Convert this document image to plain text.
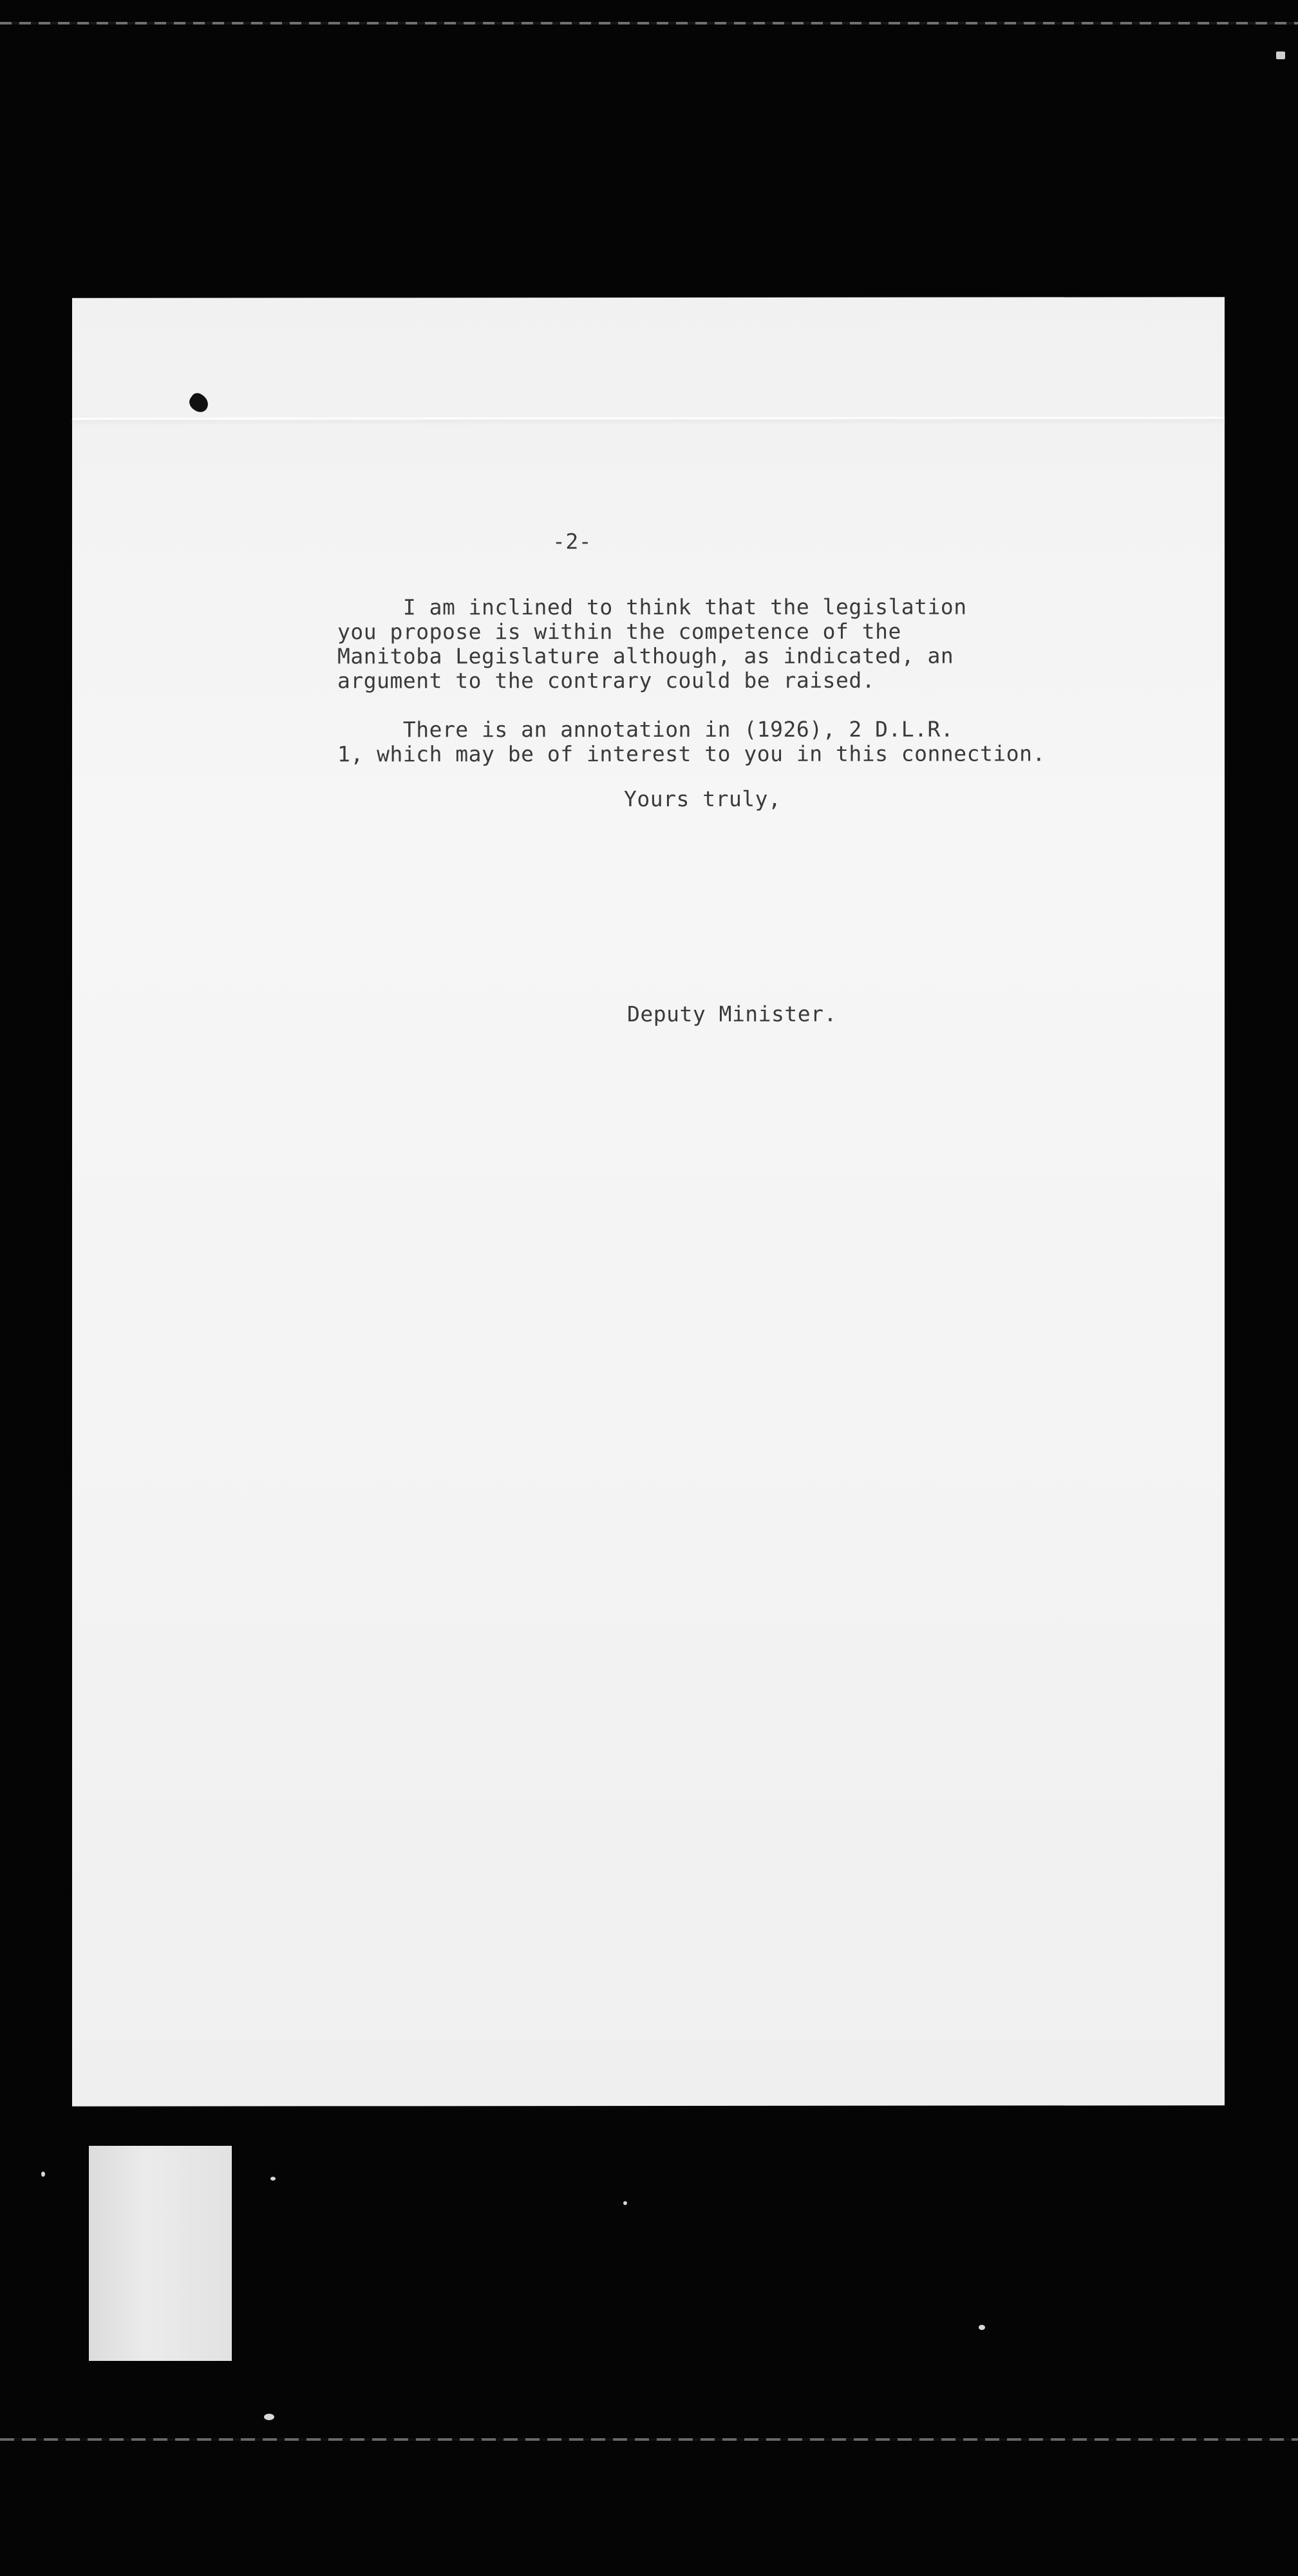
-2-
I am inclined to think that the legislation
you propose is within the competence of the
Manitoba Legislature although, as indicated, an
argument to the contrary could be raised.
There is an annotation in (1926), 2 D.L.R.
1, which may be of interest to you in this connection.
Yours truly,
Deputy Minister.
